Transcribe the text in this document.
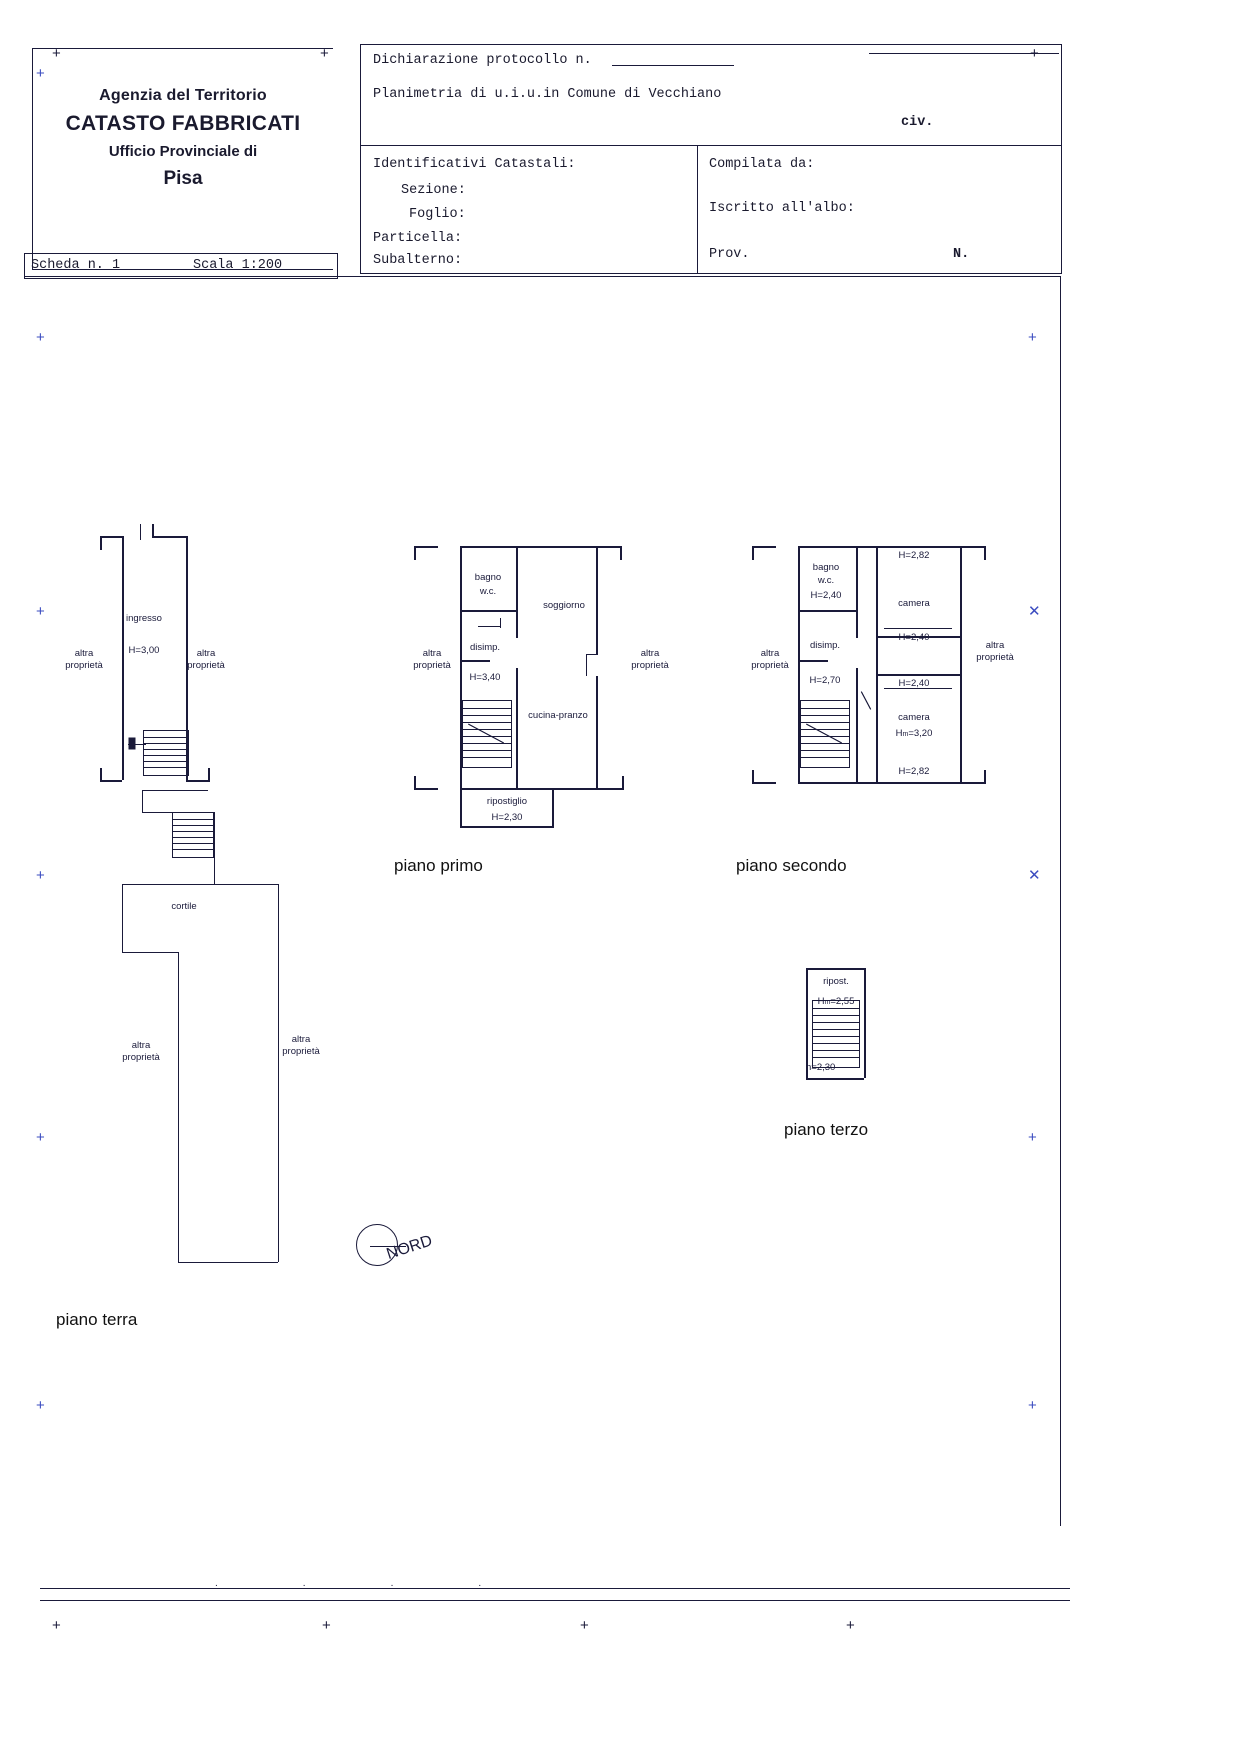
Agenzia del Territorio
CATASTO FABBRICATI
Ufficio Provinciale di
Pisa
Scheda n. 1	Scala 1:200
Dichiarazione protocollo n.
Planimetria di u.i.u.in Comune di Vecchiano
civ.
Identificativi Catastali:
Sezione:
Foglio:
Particella:
Subalterno:
Compilata da:
Iscritto all'albo:
Prov.	N.
.         .         .         .
+	+	+
+
+
+
+
+
+
+
✕
✕
+
+
+	+	+	+
ingresso
H=3,00
altra
proprietà
altra
proprietà
cortile
altra
proprietà
altra
proprietà
piano terra
bagno
w.c.
soggiorno
disimp.
H=3,40
cucina-pranzo
ripostiglio
H=2,30
altra
proprietà
altra
proprietà
piano primo
bagno
w.c.
H=2,40
H=2,82
camera
H=2,40
disimp.
H=2,70	H=2,40
camera
Hm=3,20
H=2,82
altra
proprietà
altra
proprietà
piano secondo
ripost.
Hm=2,55
h=2,30
piano terzo
NORD
